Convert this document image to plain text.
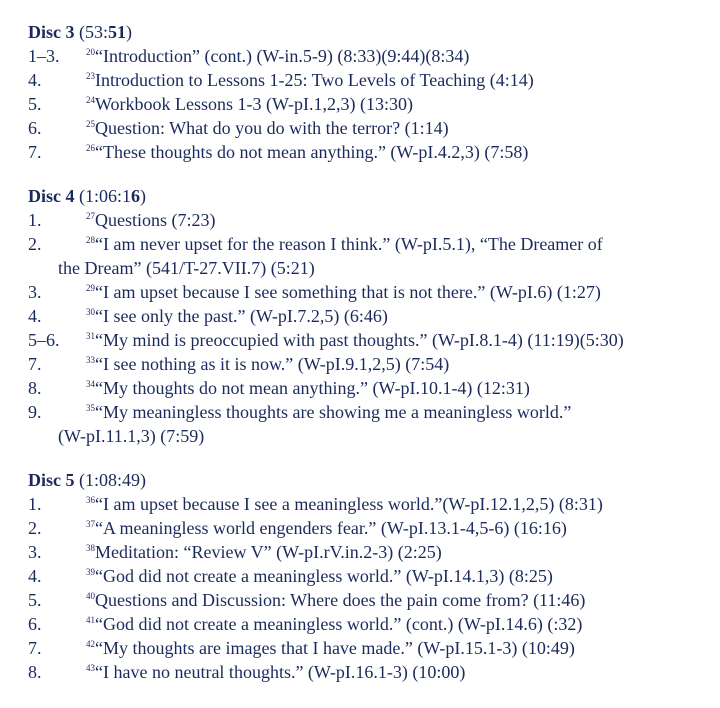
Disc 3 (53:51)
1–3.	$^{20}$“Introduction” (cont.) (W-in.5-9) (8:33)(9:44)(8:34)
4.	$^{23}$Introduction to Lessons 1-25: Two Levels of Teaching (4:14)
5.	$^{24}$Workbook Lessons 1-3 (W-pI.1,2,3) (13:30)
6.	$^{25}$Question: What do you do with the terror? (1:14)
7.	$^{26}$“These thoughts do not mean anything.” (W-pI.4.2,3) (7:58)
Disc 4 (1:06:16)
1.	$^{27}$Questions (7:23)
2.	$^{28}$“I am never upset for the reason I think.” (W-pI.5.1), “The Dreamer of
the Dream” (541/T-27.VII.7) (5:21)
3.	$^{29}$“I am upset because I see something that is not there.” (W-pI.6) (1:27)
4.	$^{30}$“I see only the past.” (W-pI.7.2,5) (6:46)
5–6.	$^{31}$“My mind is preoccupied with past thoughts.” (W-pI.8.1-4) (11:19)(5:30)
7.	$^{33}$“I see nothing as it is now.” (W-pI.9.1,2,5) (7:54)
8.	$^{34}$“My thoughts do not mean anything.” (W-pI.10.1-4) (12:31)
9.	$^{35}$“My meaningless thoughts are showing me a meaningless world.”
(W-pI.11.1,3) (7:59)
Disc 5 (1:08:49)
1.	$^{36}$“I am upset because I see a meaningless world.”(W-pI.12.1,2,5) (8:31)
2.	$^{37}$“A meaningless world engenders fear.” (W-pI.13.1-4,5-6) (16:16)
3.	$^{38}$Meditation: “Review V” (W-pI.rV.in.2-3) (2:25)
4.	$^{39}$“God did not create a meaningless world.” (W-pI.14.1,3) (8:25)
5.	$^{40}$Questions and Discussion: Where does the pain come from? (11:46)
6.	$^{41}$“God did not create a meaningless world.” (cont.) (W-pI.14.6) (:32)
7.	$^{42}$“My thoughts are images that I have made.” (W-pI.15.1-3) (10:49)
8.	$^{43}$“I have no neutral thoughts.” (W-pI.16.1-3) (10:00)
